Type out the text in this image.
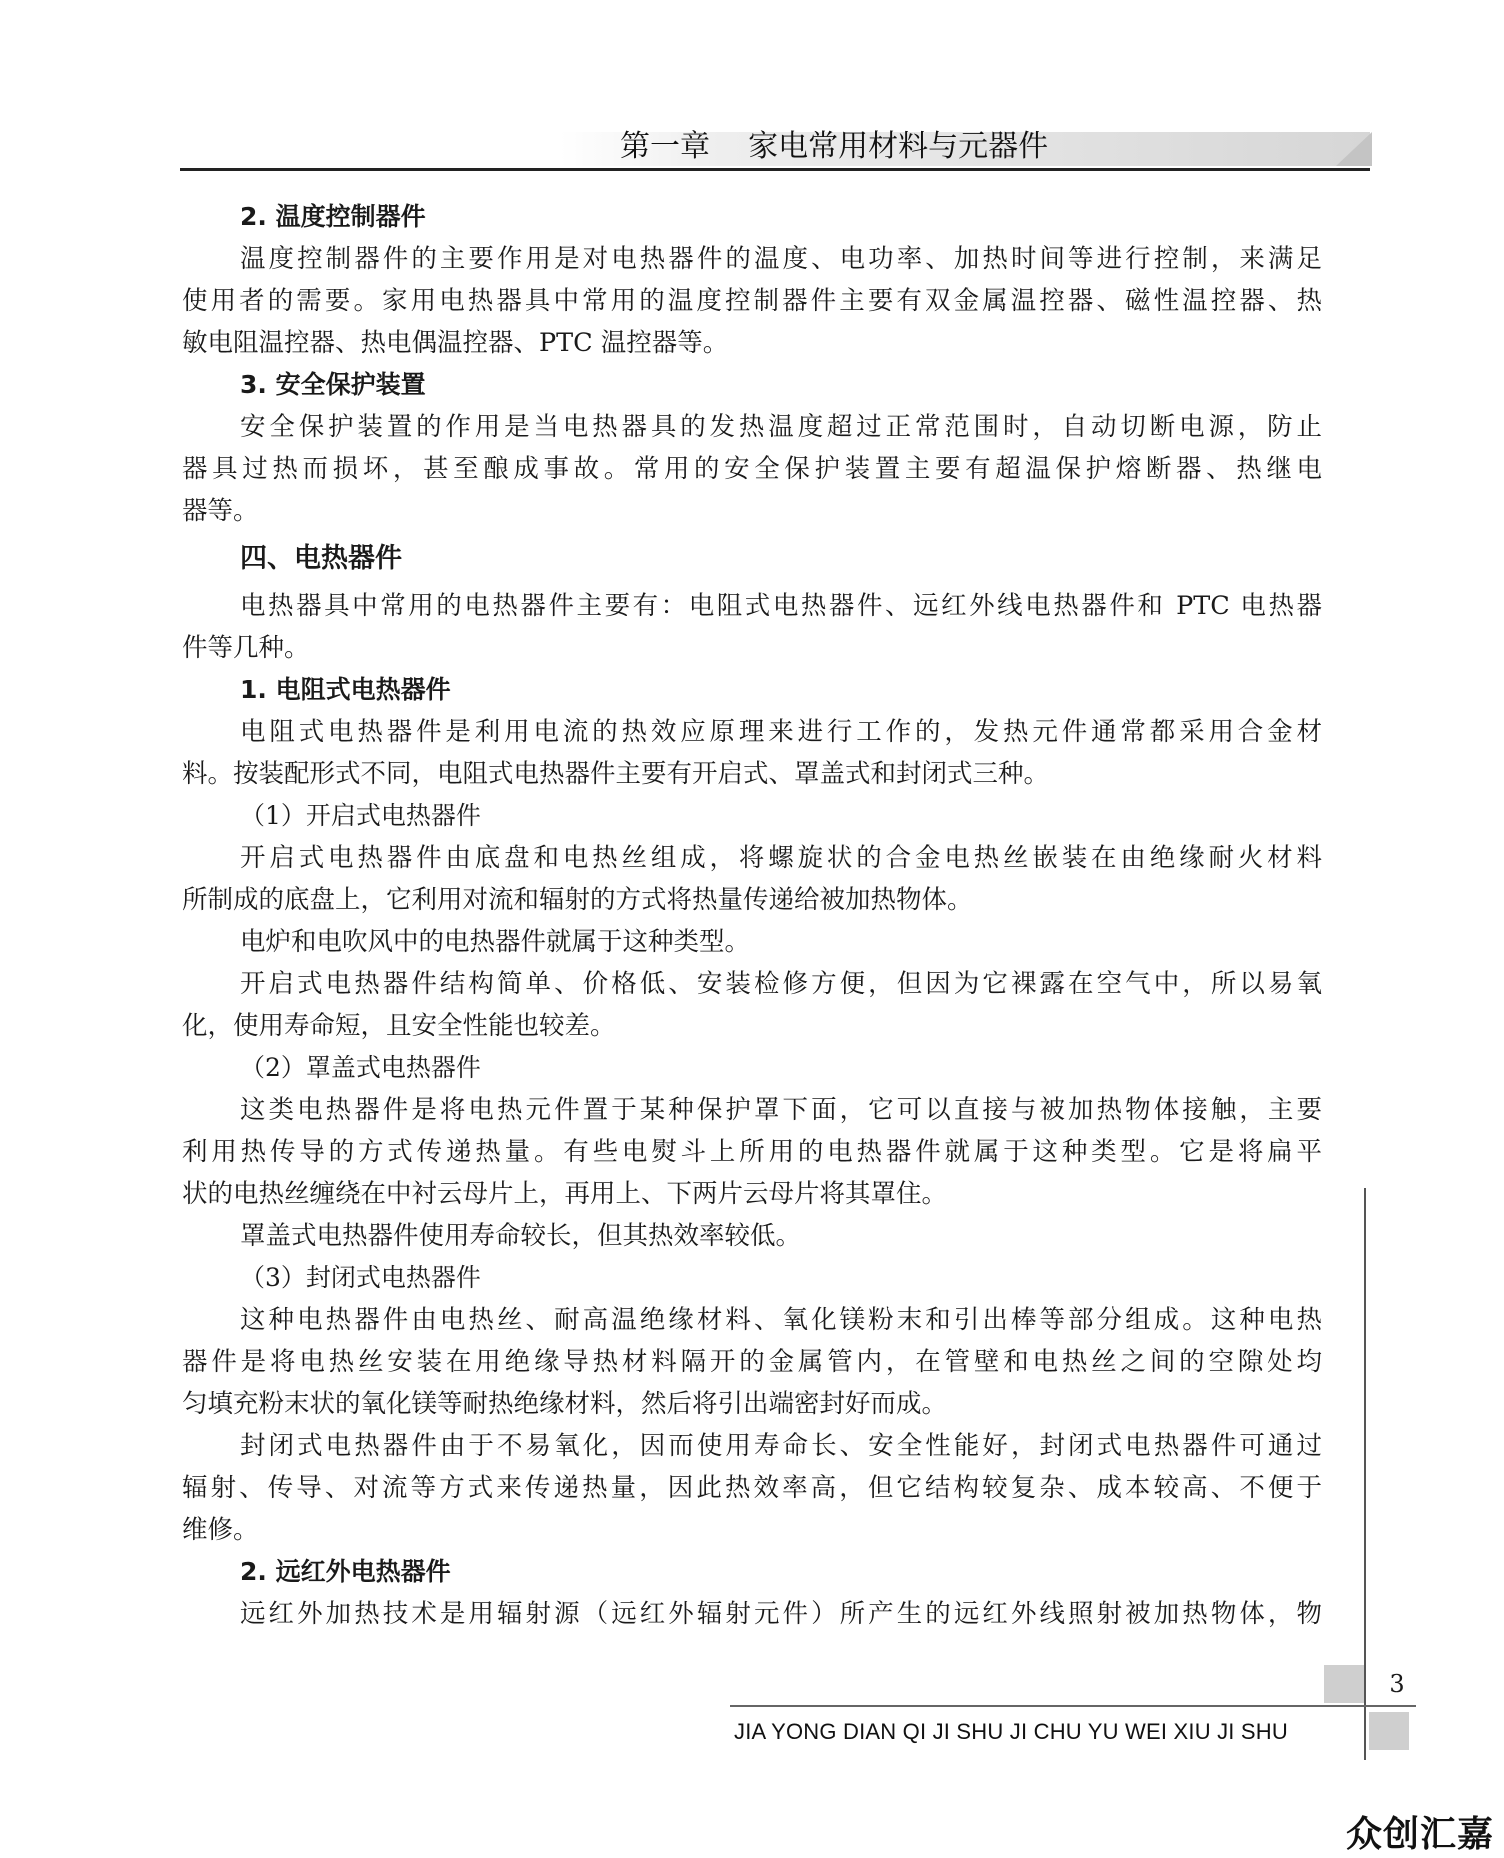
第一章    家电常用材料与元器件
2. 温度控制器件
温度控制器件的主要作用是对电热器件的温度、电功率、加热时间等进行控制，来满足
使用者的需要。家用电热器具中常用的温度控制器件主要有双金属温控器、磁性温控器、热
敏电阻温控器、热电偶温控器、PTC 温控器等。
3. 安全保护装置
安全保护装置的作用是当电热器具的发热温度超过正常范围时，自动切断电源，防止
器具过热而损坏，甚至酿成事故。常用的安全保护装置主要有超温保护熔断器、热继电
器等。
四、电热器件
电热器具中常用的电热器件主要有：电阻式电热器件、远红外线电热器件和 PTC 电热器
件等几种。
1. 电阻式电热器件
电阻式电热器件是利用电流的热效应原理来进行工作的，发热元件通常都采用合金材
料。按装配形式不同，电阻式电热器件主要有开启式、罩盖式和封闭式三种。
（1）开启式电热器件
开启式电热器件由底盘和电热丝组成，将螺旋状的合金电热丝嵌装在由绝缘耐火材料
所制成的底盘上，它利用对流和辐射的方式将热量传递给被加热物体。
电炉和电吹风中的电热器件就属于这种类型。
开启式电热器件结构简单、价格低、安装检修方便，但因为它裸露在空气中，所以易氧
化，使用寿命短，且安全性能也较差。
（2）罩盖式电热器件
这类电热器件是将电热元件置于某种保护罩下面，它可以直接与被加热物体接触，主要
利用热传导的方式传递热量。有些电熨斗上所用的电热器件就属于这种类型。它是将扁平
状的电热丝缠绕在中衬云母片上，再用上、下两片云母片将其罩住。
罩盖式电热器件使用寿命较长，但其热效率较低。
（3）封闭式电热器件
这种电热器件由电热丝、耐高温绝缘材料、氧化镁粉末和引出棒等部分组成。这种电热
器件是将电热丝安装在用绝缘导热材料隔开的金属管内，在管壁和电热丝之间的空隙处均
匀填充粉末状的氧化镁等耐热绝缘材料，然后将引出端密封好而成。
封闭式电热器件由于不易氧化，因而使用寿命长、安全性能好，封闭式电热器件可通过
辐射、传导、对流等方式来传递热量，因此热效率高，但它结构较复杂、成本较高、不便于
维修。
2. 远红外电热器件
远红外加热技术是用辐射源（远红外辐射元件）所产生的远红外线照射被加热物体，物
3
JIA YONG DIAN QI JI SHU JI CHU YU WEI XIU JI SHU
众创汇嘉
